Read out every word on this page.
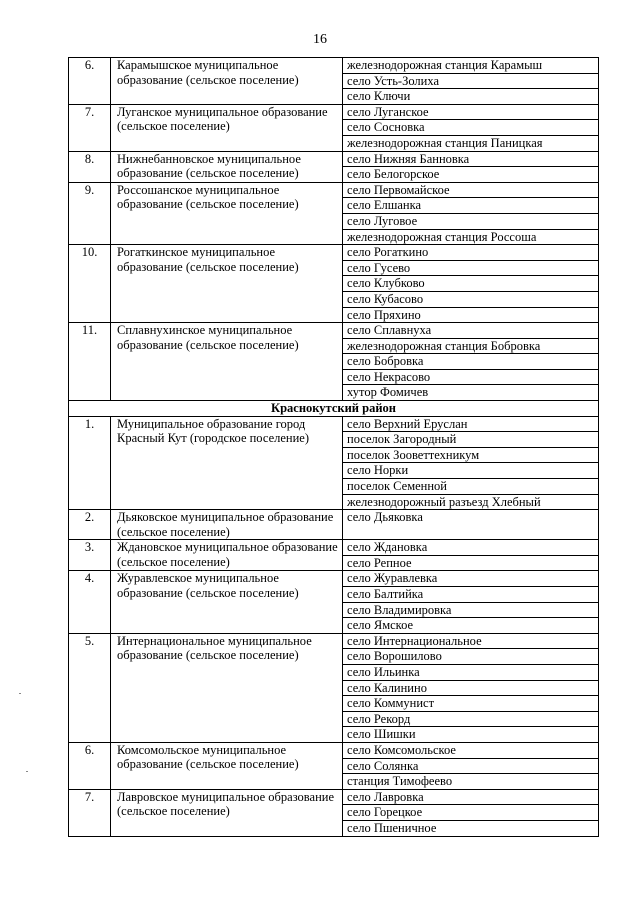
16
6.	Карамышское муниципальное образование (сельское поселение)	железнодорожная станция Карамыш
		село Усть-Золиха
		село Ключи
7.	Луганское муниципальное образование (сельское поселение)	село Луганское
		село Сосновка
		железнодорожная станция Паницкая
8.	Нижнебанновское муниципальное образование (сельское поселение)	село Нижняя Банновка
		село Белогорское
9.	Россошанское муниципальное образование (сельское поселение)	село Первомайское
		село Елшанка
		село Луговое
		железнодорожная станция Россоша
10.	Рогаткинское муниципальное образование (сельское поселение)	село Рогаткино
		село Гусево
		село Клубково
		село Кубасово
		село Пряхино
11.	Сплавнухинское муниципальное образование (сельское поселение)	село Сплавнуха
		железнодорожная станция Бобровка
		село Бобровка
		село Некрасово
		хутор Фомичев
Краснокутский район		
1.	Муниципальное образование город Красный Кут (городское поселение)	село Верхний Еруслан
		поселок Загородный
		поселок Зооветтехникум
		село Норки
		поселок Семенной
		железнодорожный разъезд Хлебный
2.	Дьяковское муниципальное образование (сельское поселение)	село Дьяковка
3.	Ждановское муниципальное образование (сельское поселение)	село Ждановка
		село Репное
4.	Журавлевское муниципальное образование (сельское поселение)	село Журавлевка
		село Балтийка
		село Владимировка
		село Ямское
5.	Интернациональное муниципальное образование (сельское поселение)	село Интернациональное
		село Ворошилово
		село Ильинка
		село Калинино
		село Коммунист
		село Рекорд
		село Шишки
6.	Комсомольское муниципальное образование (сельское поселение)	село Комсомольское
		село Солянка
		станция Тимофеево
7.	Лавровское муниципальное образование (сельское поселение)	село Лавровка
		село Горецкое
		село Пшеничное
